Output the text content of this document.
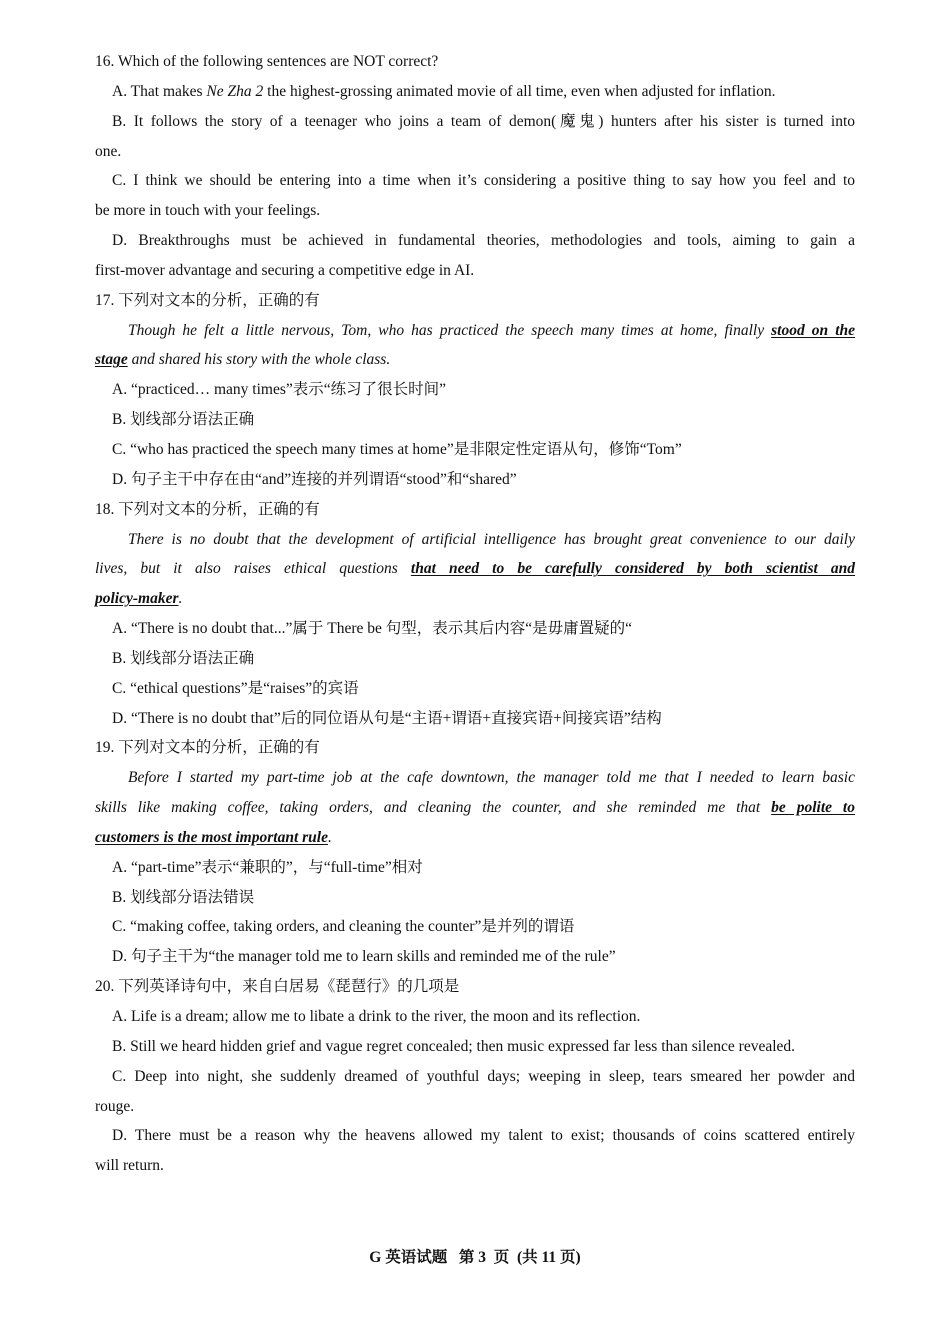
16. Which of the following sentences are NOT correct?
A. That makes Ne Zha 2 the highest-grossing animated movie of all time, even when adjusted for inflation.
B. It follows the story of a teenager who joins a team of demon(魔鬼) hunters after his sister is turned into
one.
C. I think we should be entering into a time when it’s considering a positive thing to say how you feel and to
be more in touch with your feelings.
D. Breakthroughs must be achieved in fundamental theories, methodologies and tools, aiming to gain a
first-mover advantage and securing a competitive edge in AI.
17. 下列对文本的分析，正确的有
Though he felt a little nervous, Tom, who has practiced the speech many times at home, finally stood on the
stage and shared his story with the whole class.
A. “practiced… many times”表示“练习了很长时间”
B. 划线部分语法正确
C. “who has practiced the speech many times at home”是非限定性定语从句，修饰“Tom”
D. 句子主干中存在由“and”连接的并列谓语“stood”和“shared”
18. 下列对文本的分析，正确的有
There is no doubt that the development of artificial intelligence has brought great convenience to our daily
lives, but it also raises ethical questions that need to be carefully considered by both scientist and
policy-maker.
A. “There is no doubt that...”属于 There be 句型，表示其后内容“是毋庸置疑的“
B. 划线部分语法正确
C. “ethical questions”是“raises”的宾语
D. “There is no doubt that”后的同位语从句是“主语+谓语+直接宾语+间接宾语”结构
19. 下列对文本的分析，正确的有
Before I started my part-time job at the cafe downtown, the manager told me that I needed to learn basic
skills like making coffee, taking orders, and cleaning the counter, and she reminded me that be polite to
customers is the most important rule.
A. “part-time”表示“兼职的”，与“full-time”相对
B. 划线部分语法错误
C. “making coffee, taking orders, and cleaning the counter”是并列的谓语
D. 句子主干为“the manager told me to learn skills and reminded me of the rule”
20. 下列英译诗句中，来自白居易《琵琶行》的几项是
A. Life is a dream; allow me to libate a drink to the river, the moon and its reflection.
B. Still we heard hidden grief and vague regret concealed; then music expressed far less than silence revealed.
C. Deep into night, she suddenly dreamed of youthful days; weeping in sleep, tears smeared her powder and
rouge.
D. There must be a reason why the heavens allowed my talent to exist; thousands of coins scattered entirely
will return.
G 英语试题   第 3  页  (共 11 页)
